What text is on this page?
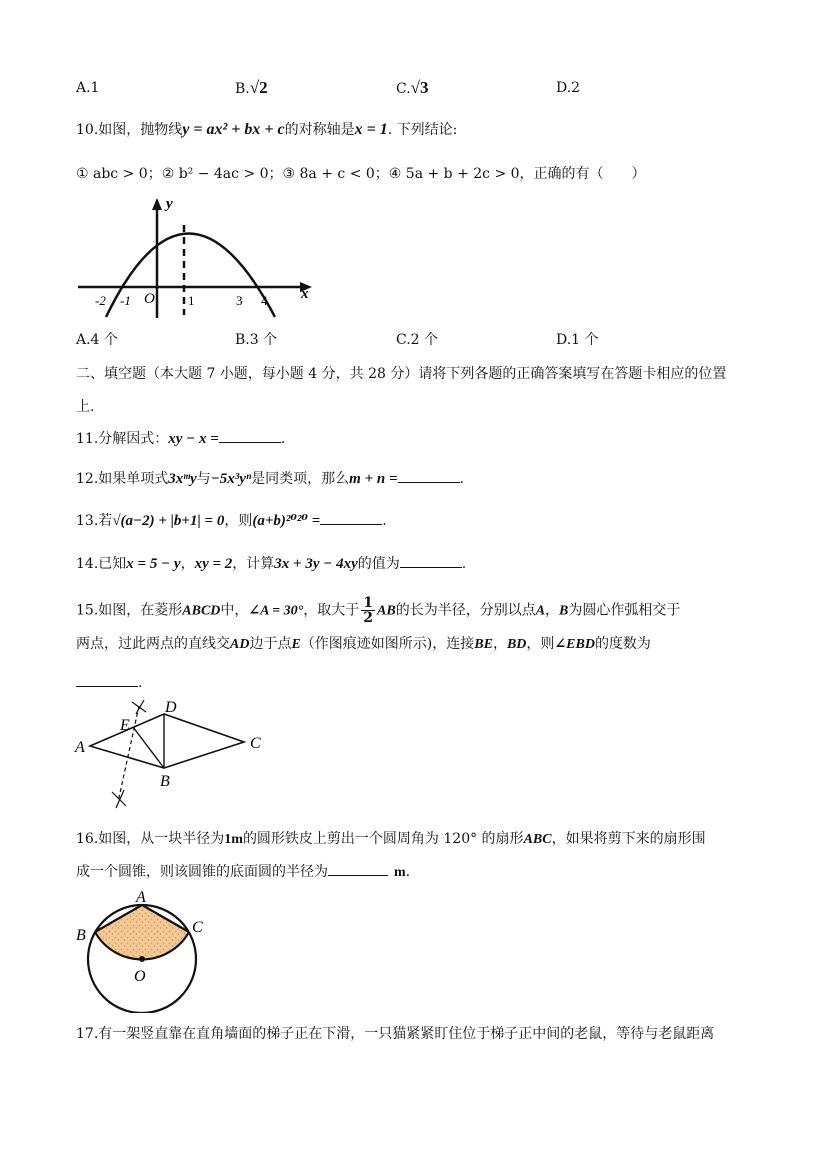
A.1	B.√2	C.√3	D.2
10.如图，抛物线y = ax² + bx + c的对称轴是x = 1. 下列结论:
① abc > 0；② b² − 4ac > 0；③ 8a + c < 0；④ 5a + b + 2c > 0，正确的有（　　）
y
x
-2 -1 O	1	3 4
A.4 个	B.3 个	C.2 个	D.1 个
二、填空题（本大题 7 小题，每小题 4 分，共 28 分）请将下列各题的正确答案填写在答题卡相应的位置
上.
11.分解因式：xy − x =	.
12.如果单项式3xᵐy与−5x³yⁿ是同类项，那么m + n =	.
13.若√(a−2) + |b+1| = 0，则(a+b)²⁰²⁰ =	.
14.已知x = 5 − y，xy = 2，计算3x + 3y − 4xy的值为	.
15.如图，在菱形ABCD中，∠A = 30°，取大于 $\frac{1}{2}$ AB的长为半径，分别以点A，B为圆心作弧相交于
两点，过此两点的直线交AD边于点E（作图痕迹如图所示)，连接BE，BD，则∠EBD的度数为
.
A
B
C
D
E
16.如图，从一块半径为1m的圆形铁皮上剪出一个圆周角为 120° 的扇形ABC，如果将剪下来的扇形围
成一个圆锥，则该圆锥的底面圆的半径为	m.
A
B	C
O
17.有一架竖直靠在直角墙面的梯子正在下滑，一只猫紧紧盯住位于梯子正中间的老鼠，等待与老鼠距离
